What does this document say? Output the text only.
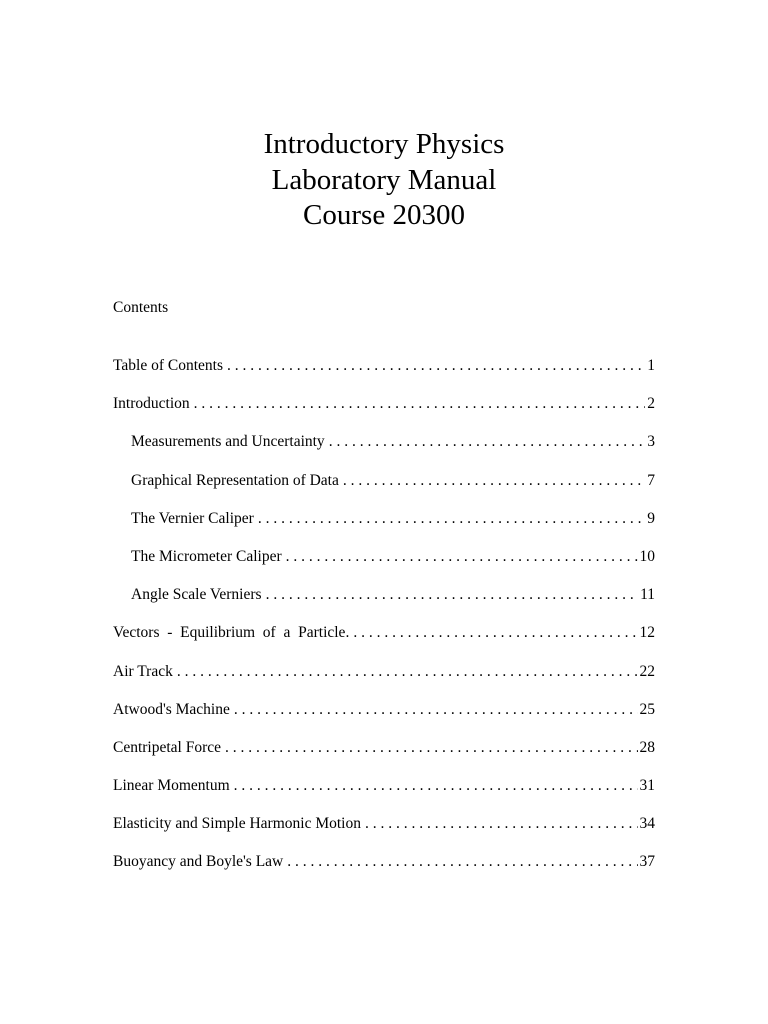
Introductory Physics
Laboratory Manual
Course 20300
Contents
Table of Contents . . .	1
Introduction . . .	2
Measurements and Uncertainty . . .	3
Graphical Representation of Data . . .	7
The Vernier Caliper . . .	9
The Micrometer Caliper . . .	10
Angle Scale Verniers . . .	11
Vectors  -  Equilibrium  of  a  Particle. . . .	12
Air Track . . .	22
Atwood's Machine . . .	25
Centripetal Force . . .	28
Linear Momentum . . .	31
Elasticity and Simple Harmonic Motion . . .	34
Buoyancy and Boyle's Law . . .	37
